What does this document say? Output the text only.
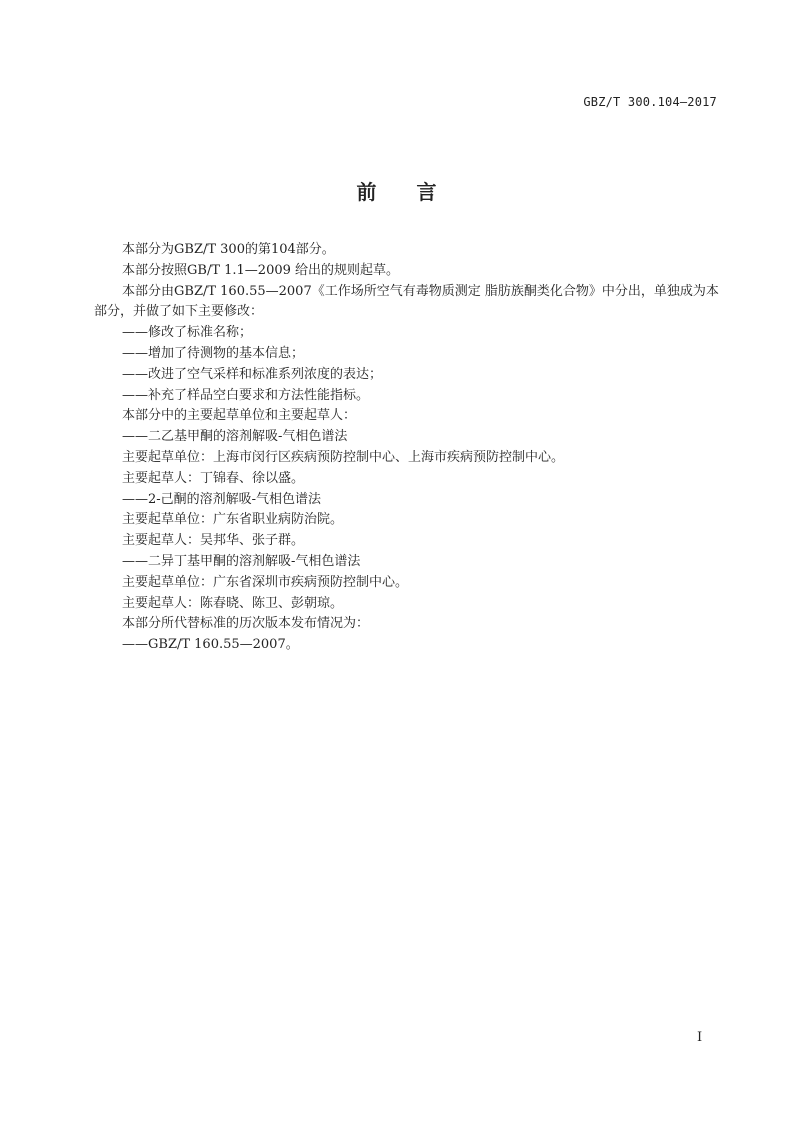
GBZ/T 300.104—2017
前 言

本部分为GBZ/T 300的第104部分。

本部分按照GB/T 1.1—2009 给出的规则起草。

本部分由GBZ/T 160.55—2007《工作场所空气有毒物质测定 脂肪族酮类化合物》中分出，单独成为本部分，并做了如下主要修改：

——修改了标准名称；

——增加了待测物的基本信息；

——改进了空气采样和标准系列浓度的表达；

——补充了样品空白要求和方法性能指标。

本部分中的主要起草单位和主要起草人：

——二乙基甲酮的溶剂解吸-气相色谱法

主要起草单位：上海市闵行区疾病预防控制中心、上海市疾病预防控制中心。

主要起草人：丁锦春、徐以盛。

——2-己酮的溶剂解吸-气相色谱法

主要起草单位：广东省职业病防治院。

主要起草人：吴邦华、张子群。

——二异丁基甲酮的溶剂解吸-气相色谱法

主要起草单位：广东省深圳市疾病预防控制中心。

主要起草人：陈春晓、陈卫、彭朝琼。

本部分所代替标准的历次版本发布情况为：

——GBZ/T 160.55—2007。

I
